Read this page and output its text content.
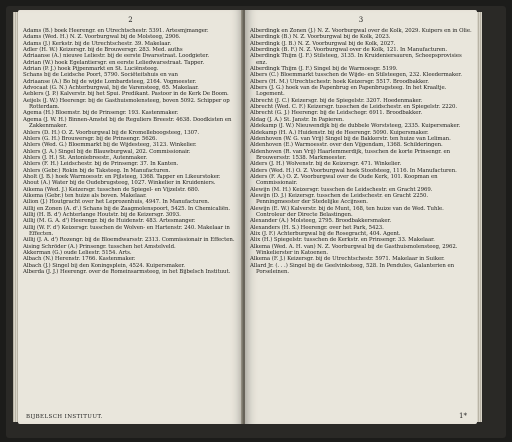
2

Adams (B.) boek Heerengr. en Utrechtschestr. 5391. Artesmjmanger.

Adams (Wed. H.) N. Z. Voorburgwal bij de Molsteeg, 2906.

Adams (J.) Kerkstr. bij de Utrechtschestr. 39. Makelaar.

Adler (H. W.) Keizersgr. bij de Brouwersgr. 283. Med. auths

Adriaanse (A.) nieuwe Leliestr. bij de eerste Dwarsstraat. Loodgieter.

Adrian (W.) hoek Egelantiersgr. en eerste Leliedwarsstraat. Tapper.

Adrian (P. J.) hoek Pijpenmarkt en St. Luciënsteeg.

Schans bij de Leidsche Poort, 5790. Sociëteitshuis en van

Adriaanse (A.) Bo bij de wijde Lombardsteeg, 2164. Vogmeester.

Advocaat (G. N.) Achterburgwal, bij de Varensteeg, 65. Makelaar.

Aeblers (J. P.) Kalverstr. bij het Spui. Predikant. Pastoor in de Kerk De Boom.

Aeijels (J. W.) Heerengr. bij de Gasthuismolensteeg, boven 5092. Schipper op Rotterdam.

Agema (H.) Bloemstr. bij de Prinsengr. 193. Kastenmaker.

Agema (J. W. H.) Binnen-Amstel bij de Reguliers Breestr. 4638. Doodkisten en Zakkenmaker.

Ahlers (D. H.) O. Z. Voorburgwal bij de Kromelleboogsteeg, 1307.

Ahlers (G. H.) Brouwersgr. bij de Prinsengr. 5626.

Ahlers (Wed. G.) Bloemmarkt bij de Wijdesteeg, 3123. Winkelier.

Ahlers (J. A.) Singel bij de Blauwburgwal, 202. Commissionair.

Ahlers (J. H.) St. Antoniebreestr., Autenmaker.

Ahlers (F. H.) Leidschestr. bij de Prinsengr. 37. In Kanten.

Ahlers (Gebr.) Rokin bij de Taksteeg. In Manufacturen.

Aholt (J. B.) hoek Warmoesstr. en Pijlsteeg, 1368. Tapper en Likeurstoker.

Ahout (A.) Water bij de Oudebrugsteeg, 1027. Winkelier in Kruideniers.

Aikema (Wed. J.) Keizersgr. tusschen de Spiegel- en Vijzelstr. 680.

Aikema (Gebr.) ten huize als boven. Makelaar.

Ailion (J.) Houtgracht over het Leprozenhuis, 4947. In Manufacturen.

Aillij en Zonen (A. d'.) Schans bij de Zaagmolenspoort, 5425. In Chemicaliën.

Aillij (H. B. d') Achterlange Houtstr. bij de Keizersgr. 3093.

Aillij (M. G. A. d') Heerengr. bij de Huidenstr. 483. Artesmanger.

Aillij (W. F. d') Keizersgr. tusschen de Wolven- en Hartenstr. 240. Makelaar in Effecten.

Aillij (J. A. d') Rozengr. bij de Bloemdwarsstr. 2313. Commissionair in Effecten.

Aising Schröder (A.) Prinsengr. tusschen het Amstelveld.

Akkerman (G.) oude Leliestr. 5154. Arts.

Albach (N.) Herenstr. 1766. Kastenmaker.

Albach (J.) Singel bij den Koningsplein, 4524. Kuipersmaker.

Alberda (J. J.) Heerengr. over de Romeinsarmsteeg, in het Bijbelsch Instituut.

BIJBELSCH INSTITUUT.
3

Alberdingk en Zonen (J.) N. Z. Voorburgwal over de Kolk, 2029. Kuipers en in Olie.

Alberdingk (B.) N. Z. Voorburgwal bij de Kolk, 2023.

Alberdingk (J. B.) N. Z. Voorburgwal bij de Kolk, 2027.

Alberdingk (B. F.) N. Z. Voorburgwal over de Kolk, 121. In Manufacturen.

Alberdingk Thijm (J. F.) Stilsteeg, 3135. In Kruideniersauren, Scheepsprovisies enz.

Alberdingk Thijm (J. F.) Singel bij de Warmoesgr. 5199.

Albers (C.) Bloemmarkt tusschen de Wijde- en Stilsteegen, 232. Kleedermaker.

Albers (H. M.) Utrechtschestr. hoek Keizersgr. 5517. Broodbakker.

Albers (J. G.) hoek van de Papenbrug en Papenbrugsteeg. In het Kraaltje. Logement.

Albrecht (J. C.) Keizersgr. bij de Spiegelstr. 3207. Hoedenmaker.

Albrecht (Wed. C. F.) Keizersgr. tusschen de Leidschestr. en Spiegelstr. 2220.

Albrecht (G. J.) Heerengr. bij de Leidschegr. 6911. Broodbakker.

Aldag (J. A.) St. Janstr. In Papieren.

Aldekamp (J. W.) Nieuwendijk bij de dubbele Worststeeg, 2335. Kuipersmaker.

Aldekamp (H. A.) Huidenstr. bij de Heerengr. 5090. Kuipersmaker.

Aldenhoven (W. G. van Vrij) Singel bij de Bakkerstr. ten huize van Leliman.

Aldenhoven (E.) Warmoesstr. over den Vijgendam, 1368. Schilderingen.

Aldenhoven (R. van Vrij) Haarlemmerdijk, tusschen de korte Prinsengr. en Brouwersstr. 1538. Markmeester.

Alders (J. H.) Wolvenstr. bij de Keizersgr. 471. Winkelier.

Alders (Wed. H.) O. Z. Voorburgwal hoek Stoofsteeg, 1116. In Manufacturen.

Alders (F. A.) O. Z. Voorburgwal over de Oude Kerk, 101. Koopman en Commissionair.

Alewijn (M. H.) Keizersgr. tusschen de Leidschestr. en Gracht 2969.

Alewijn (D. J.) Keizersgr. tusschen de Leidschestr. en Gracht 2250. Penningmeester der Stedelijke Accijnsen.

Alewijn (E. W.) Kalverstr. bij de Munt, 168, ten huize van de Wed. Tuhle. Controleur der Directe Belastingen.

Alexander (A.) Molsteeg, 2795. Broodbakkersmaker.

Alexanders (H. S.) Heerengr. over het Park, 5423.

Alix (J. F.) Achterburgwal bij de Rosegracht, 404. Agent.

Alix (H.) Spiegelstr. tusschen de Kerkstr. en Prinsengr. 33. Makelaar.

Alkema (Wed. A. H. van) N. Z. Voorburgwal bij de Gasthuismolensteeg, 2962. Winkelierster in Katoenen.

Alkema (F. J.) Keizersgr. bij de Utrechtschestr. 5971. Makelaar in Suiker.

Allard Jr. (. . .) Singel bij de Geelvinksteeg, 528. In Pendules, Galanterien en Porseleinen.

1*
